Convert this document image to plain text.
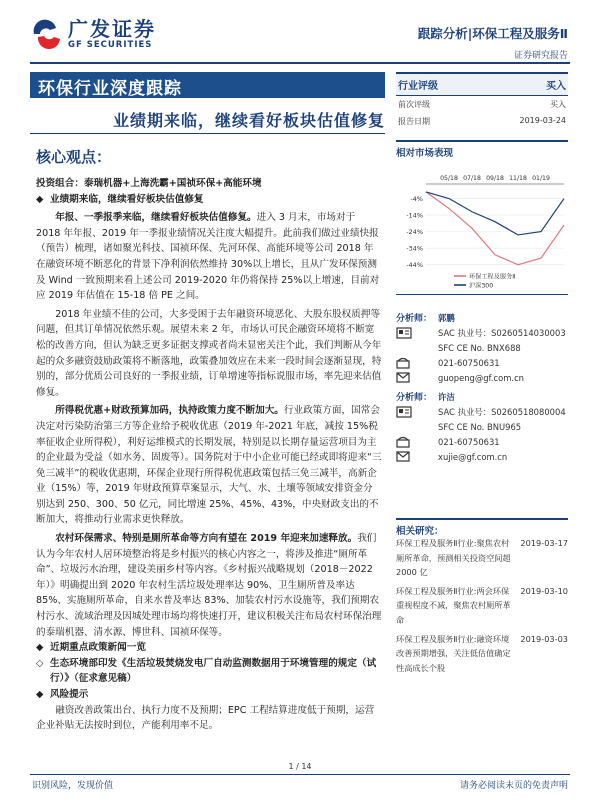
广发证券
GF SECURITIES
跟踪分析|环保工程及服务Ⅱ
证券研究报告
环保行业深度跟踪
业绩期来临，继续看好板块估值修复
核心观点：

投资组合：泰瑞机器+上海洗霸+国祯环保+高能环境

◆ 业绩期来临，继续看好板块估值修复

年报、一季报季来临，继续看好板块估值修复。进入 3 月末，市场对于 2018 年年报、2019 年一季报业绩情况关注度大幅提升。此前我们做过业绩快报（预告）梳理，诸如聚光科技、国祯环保、先河环保、高能环境等公司 2018 年在融资环境不断恶化的背景下净利润依然维持 30%以上增长，且从广发环保预测及 Wind 一致预期来看上述公司 2019-2020 年仍将保持 25%以上增速，目前对应 2019 年估值在 15-18 倍 PE 之间。

2018 年业绩不佳的公司，大多受困于去年融资环境恶化、大股东股权质押等问题，但其订单情况依然乐观。展望未来 2 年，市场认可民企融资环境将不断宽松的改善方向，但认为缺乏更多证据支撑或者尚未显密关注个此，我们判断从今年起的众多融资鼓励政策将不断落地，政策叠加效应在未来一段时间会逐渐显现，特别的，部分优质公司良好的一季报业绩，订单增速等指标说服市场，率先迎来估值修复。

所得税优惠+财政预算加码，执持政策力度不断加大。行业政策方面，国常会决定对污染防治第三方等企业给予税收优惠（2019 年-2021 年底，减按 15%税率征收企业所得税），利好运维模式的长期发展，特别是以长期存量运营项目为主的企业最为受益（如水务、固废等）。国务院对于中小企业可能已经或即将迎来“三免三减半”的税收优惠期，环保企业现行所得税优惠政策包括三免三减半，高新企业（15%）等，2019 年财政预算草案显示，大气、水、土壤等领域安排资金分别达到 250、300、50 亿元，同比增速 25%、45%、43%，中央财政支出的不断加大，将推动行业需求更快释放。

农村环保需求、特别是厕所革命等方向有望在 2019 年迎来加速释放。我们认为今年农村人居环境整治将是乡村振兴的核心内容之一，将涉及推进“厕所革命”、垃圾污水治理，建设美丽乡村等内容。《乡村振兴战略规划（2018－2022 年）》明确提出到 2020 年农村生活垃圾处理率达 90%、卫生厕所普及率达 85%、实施厕所革命，自来水普及率达 83%、加装农村污水设施等，我们预期农村污水、流域治理及因城处理市场均将快速打开，建议积极关注布局农村环保治理的泰瑞机器、清水源、博世科、国祯环保等。

◆ 近期重点政策新闻一览
◇ 生态环境部印发《生活垃圾焚烧发电厂自动监测数据用于环境管理的规定（试行）》（征求意见稿）
◆ 风险提示

融资改善政策出台、执行力度不及预期；EPC 工程结算进度低于预期，运营企业补贴无法按时到位，产能利用率不足。

行业评级	买入
前次评级	买入
报告日期	2019-03-24
相对市场表现
-4%
-14%
-24%
-34%
-44%
05/18 07/18 09/18 11/18 01/19
环保工程及服务Ⅱ
沪深300
分析师： 郭鹏
SAC 执业号：S0260514030003
SFC CE No. BNX688
021-60750631
guopeng@gf.com.cn
分析师： 许洁
SAC 执业号：S0260518080004
SFC CE No. BNU965
021-60750631
xujie@gf.com.cn
相关研究：
环保工程及服务Ⅱ行业:聚焦农村厕所革命，预测相关投资空间超 2000 亿
2019-03-17
环保工程及服务Ⅱ行业:两会环保重视程度不减，聚焦农村厕所革命
2019-03-10
环保工程及服务Ⅱ行业:融资环境改善预期增强，关注低估值确定性高成长个股
2019-03-03
1 / 14
识别风险，发现价值	请务必阅读末页的免责声明
